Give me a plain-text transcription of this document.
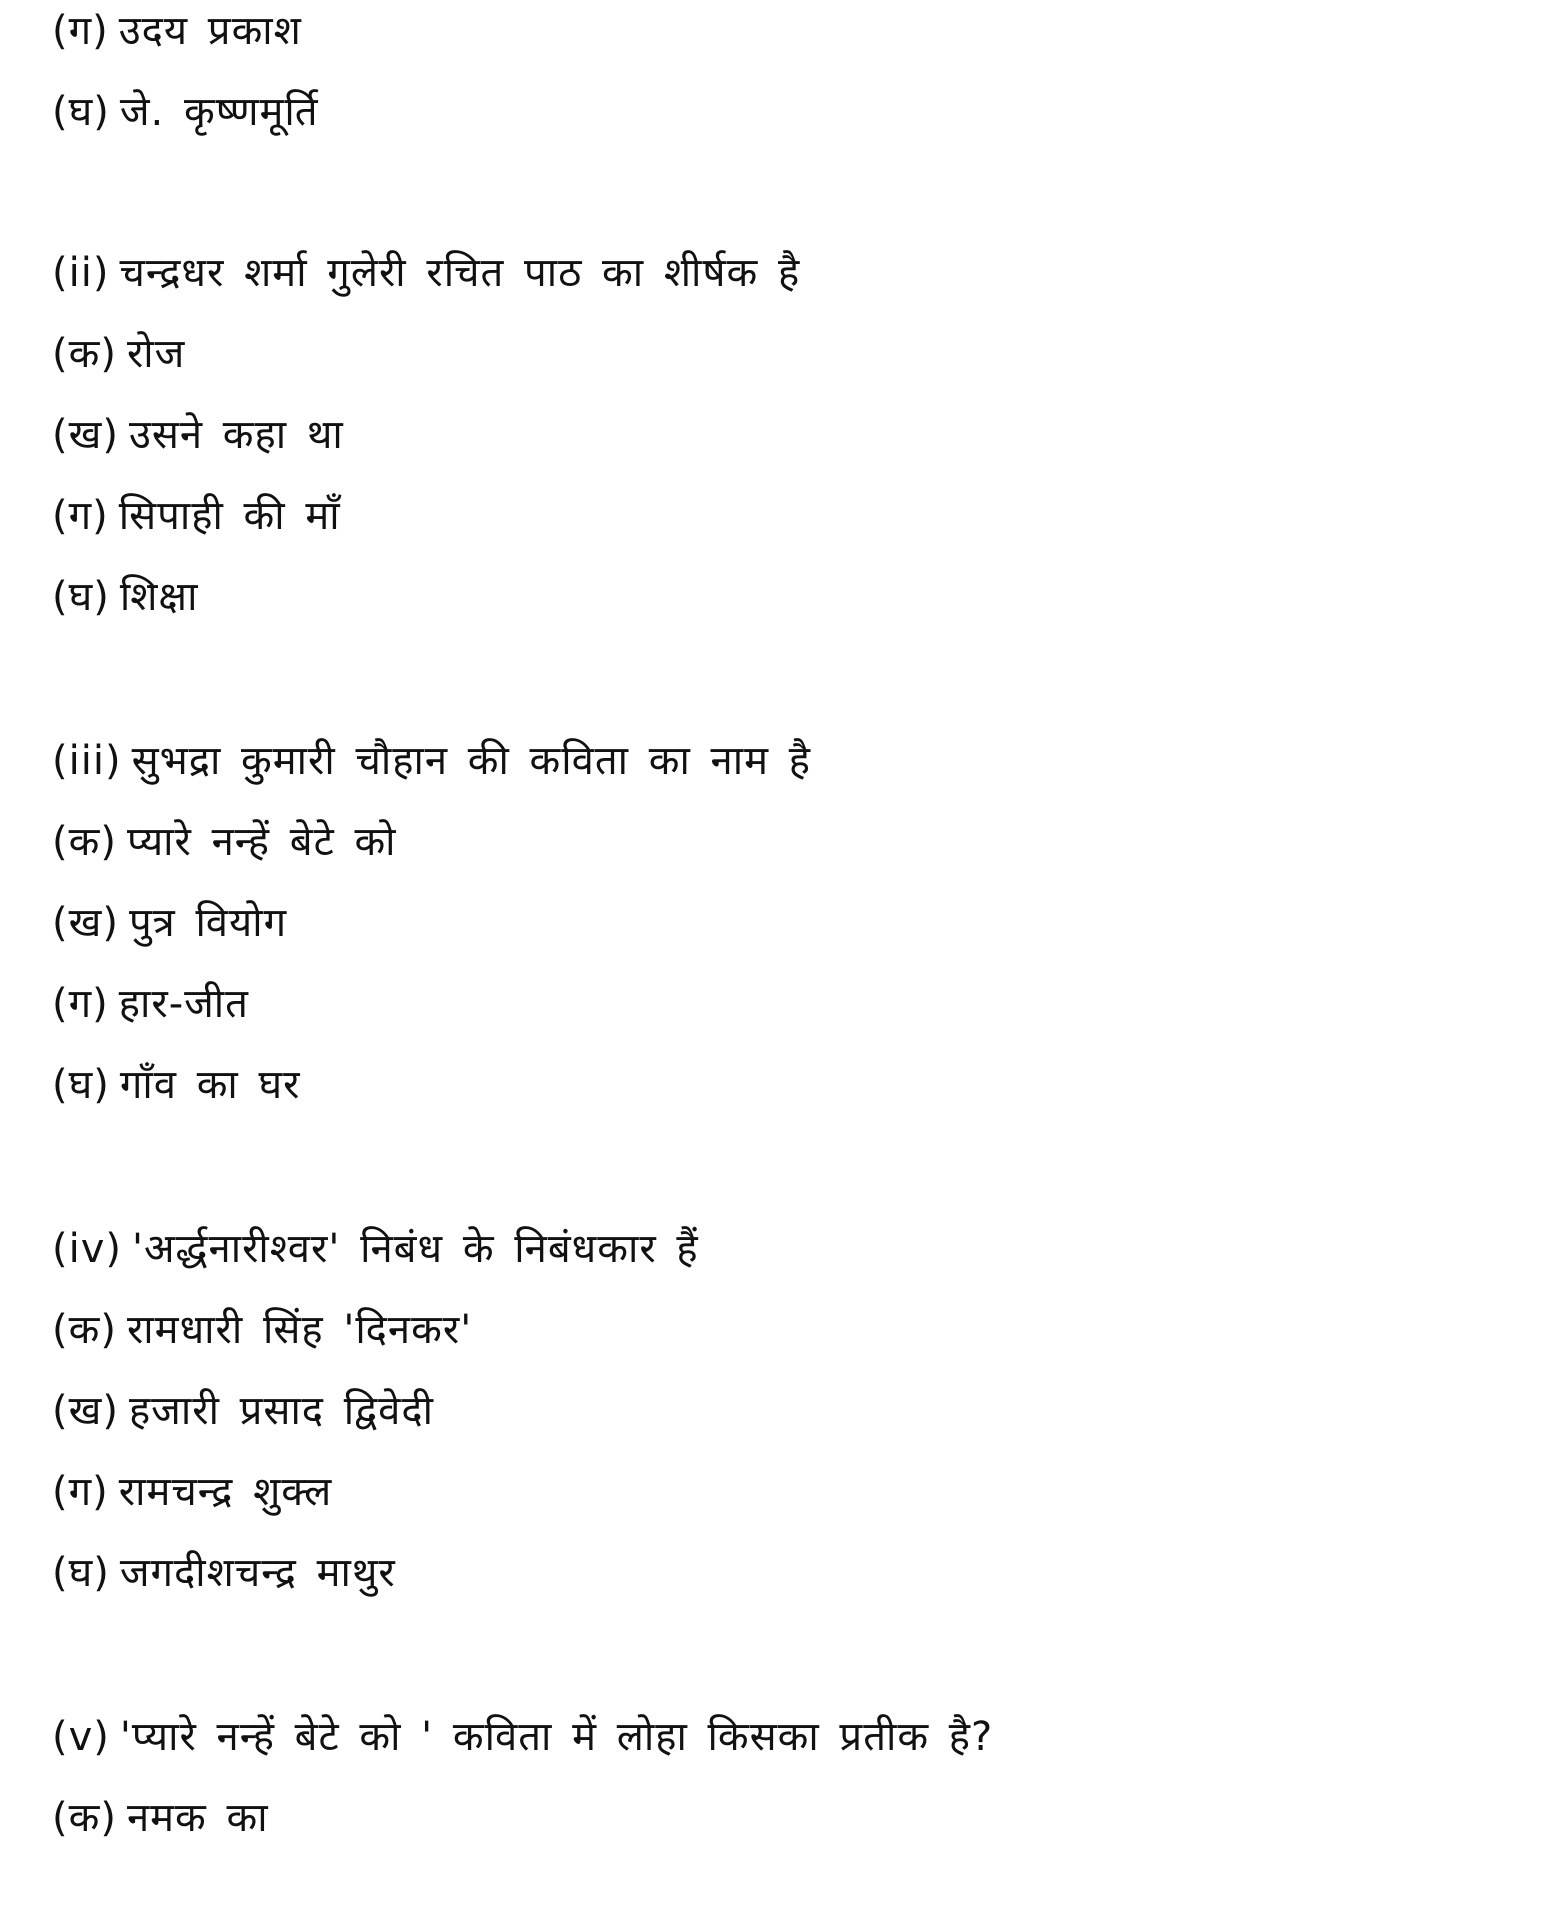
(ग) उदय प्रकाश
(घ) जे. कृष्णमूर्ति
(ii) चन्द्रधर शर्मा गुलेरी रचित पाठ का शीर्षक है
(क) रोज
(ख) उसने कहा था
(ग) सिपाही की माँ
(घ) शिक्षा
(iii) सुभद्रा कुमारी चौहान की कविता का नाम है
(क) प्यारे नन्हें बेटे को
(ख) पुत्र वियोग
(ग) हार-जीत
(घ) गाँव का घर
(iv) 'अर्द्धनारीश्वर' निबंध के निबंधकार हैं
(क) रामधारी सिंह 'दिनकर'
(ख) हजारी प्रसाद द्विवेदी
(ग) रामचन्द्र शुक्ल
(घ) जगदीशचन्द्र माथुर
(v) 'प्यारे नन्हें बेटे को ' कविता में लोहा किसका प्रतीक है?
(क) नमक का
